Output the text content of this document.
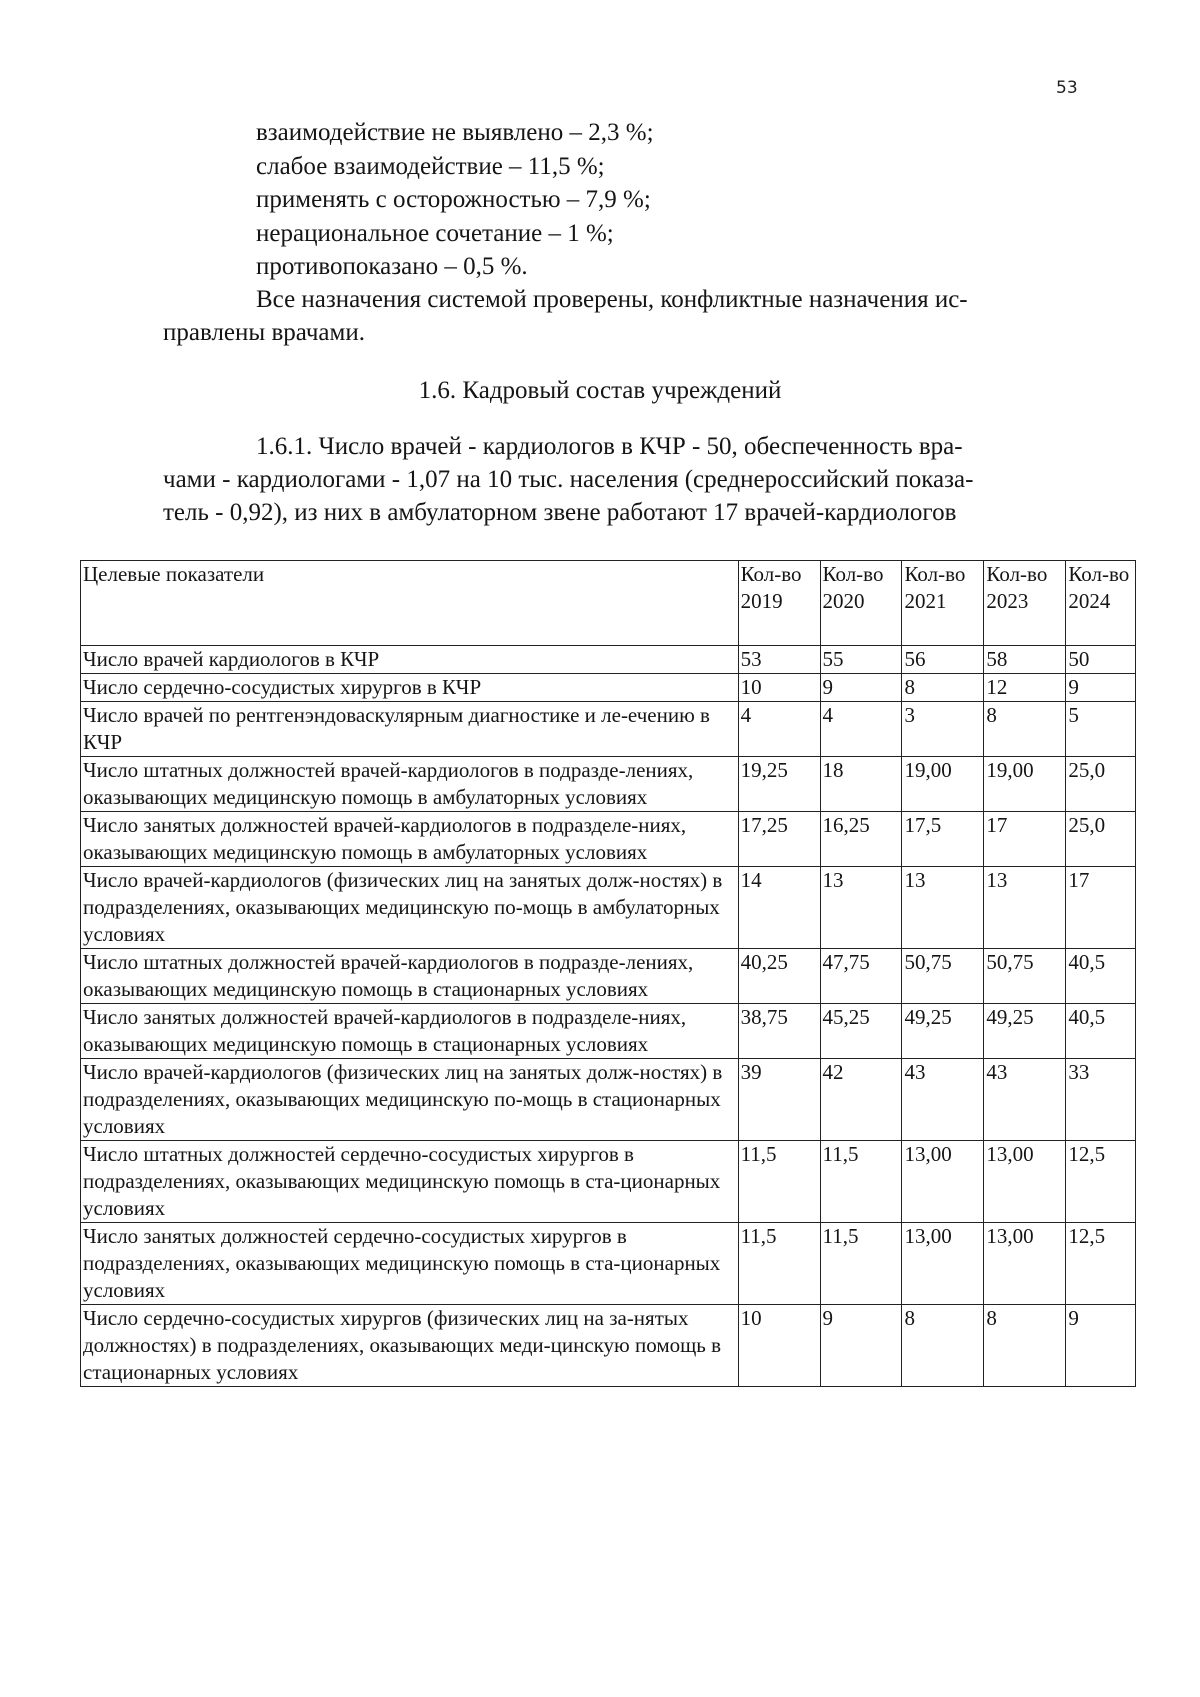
53
взаимодействие не выявлено – 2,3 %;
слабое взаимодействие – 11,5 %;
применять с осторожностью – 7,9 %;
нерациональное сочетание – 1 %;
противопоказано – 0,5 %.

Все назначения системой проверены, конфликтные назначения ис-
правлены врачами.

1.6. Кадровый состав учреждений

1.6.1. Число врачей - кардиологов в КЧР - 50, обеспеченность вра-
чами - кардиологами - 1,07 на 10 тыс. населения (среднероссийский показа-
тель - 0,92), из них в амбулаторном звене работают 17 врачей-кардиологов

Целевые показатели	Кол-во 2019	Кол-во 2020	Кол-во 2021	Кол-во 2023	Кол-во 2024
Число врачей кардиологов в КЧР	53	55	56	58	50
Число сердечно-сосудистых хирургов в КЧР	10	9	8	12	9
Число врачей по рентгенэндоваскулярным диагностике и ле-ечению в КЧР	4	4	3	8	5
Число штатных должностей врачей-кардиологов в подразде-лениях, оказывающих медицинскую помощь в амбулаторных условиях	19,25	18	19,00	19,00	25,0
Число занятых должностей врачей-кардиологов в подразделе-ниях, оказывающих медицинскую помощь в амбулаторных условиях	17,25	16,25	17,5	17	25,0
Число врачей-кардиологов (физических лиц на занятых долж-ностях) в подразделениях, оказывающих медицинскую по-мощь в амбулаторных условиях	14	13	13	13	17
Число штатных должностей врачей-кардиологов в подразде-лениях, оказывающих медицинскую помощь в стационарных условиях	40,25	47,75	50,75	50,75	40,5
Число занятых должностей врачей-кардиологов в подразделе-ниях, оказывающих медицинскую помощь в стационарных условиях	38,75	45,25	49,25	49,25	40,5
Число врачей-кардиологов (физических лиц на занятых долж-ностях) в подразделениях, оказывающих медицинскую по-мощь в стационарных условиях	39	42	43	43	33
Число штатных должностей сердечно-сосудистых хирургов в подразделениях, оказывающих медицинскую помощь в ста-ционарных условиях	11,5	11,5	13,00	13,00	12,5
Число занятых должностей сердечно-сосудистых хирургов в подразделениях, оказывающих медицинскую помощь в ста-ционарных условиях	11,5	11,5	13,00	13,00	12,5
Число сердечно-сосудистых хирургов (физических лиц на за-нятых должностях) в подразделениях, оказывающих меди-цинскую помощь в стационарных условиях	10	9	8	8	9
